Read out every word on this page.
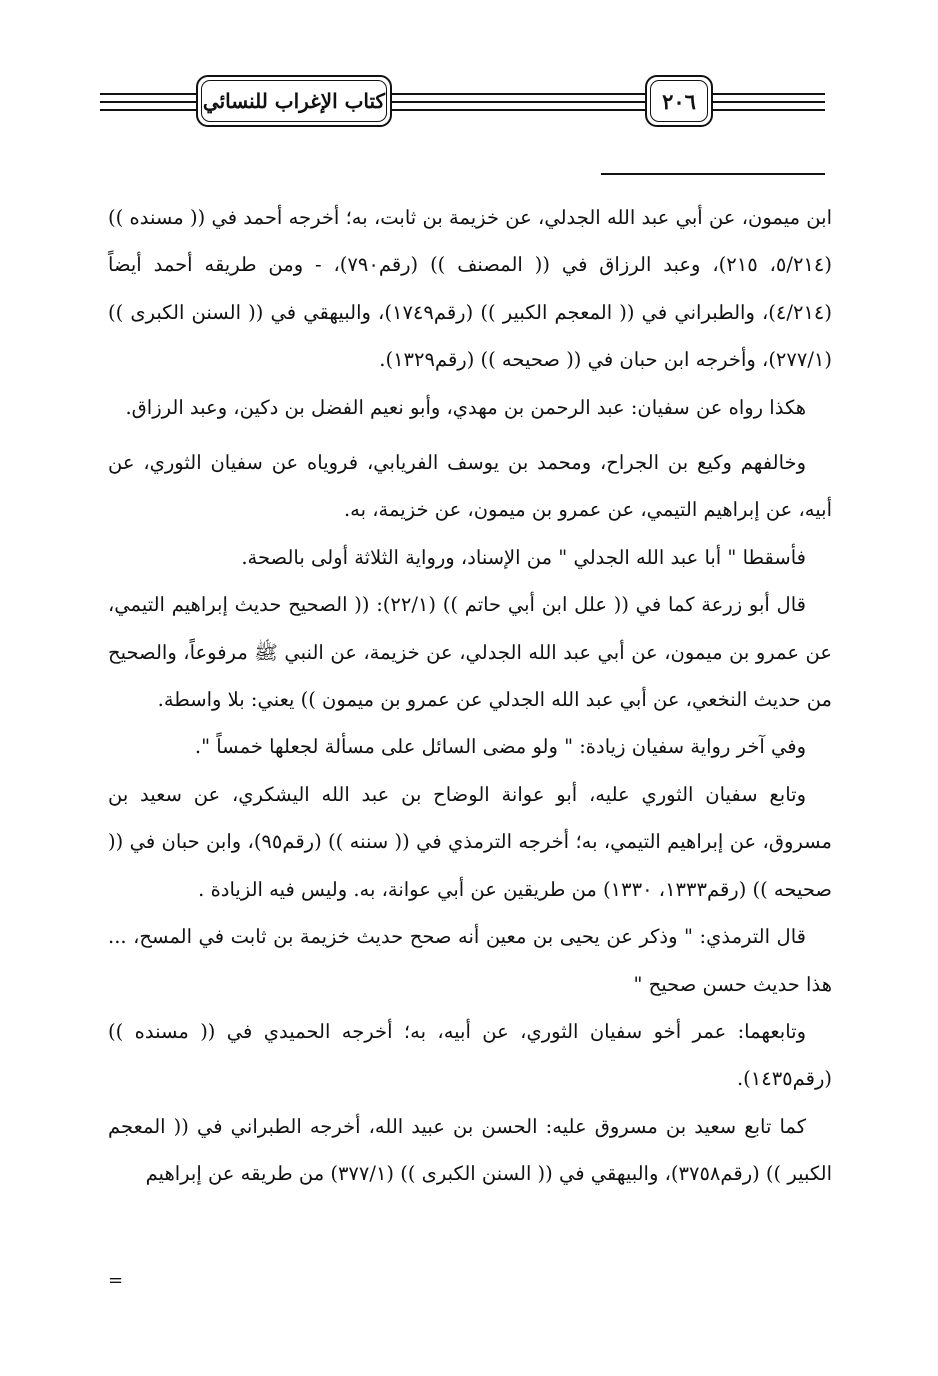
كتاب الإغراب للنسائي	٢٠٦

ابن ميمون، عن أبي عبد الله الجدلي، عن خزيمة بن ثابت، به؛ أخرجه أحمد في (( مسنده )) (٥/٢١٤، ٢١٥)، وعبد الرزاق في (( المصنف )) (رقم٧٩٠)، - ومن طريقه أحمد أيضاً (٤/٢١٤)، والطبراني في (( المعجم الكبير )) (رقم١٧٤٩)، والبيهقي في (( السنن الكبرى )) (٢٧٧/١)، وأخرجه ابن حبان في (( صحيحه )) (رقم١٣٢٩).

هكذا رواه عن سفيان: عبد الرحمن بن مهدي، وأبو نعيم الفضل بن دكين، وعبد الرزاق.

وخالفهم وكيع بن الجراح، ومحمد بن يوسف الفريابي، فروياه عن سفيان الثوري، عن أبيه، عن إبراهيم التيمي، عن عمرو بن ميمون، عن خزيمة، به.

فأسقطا " أبا عبد الله الجدلي " من الإسناد، ورواية الثلاثة أولى بالصحة.

قال أبو زرعة كما في (( علل ابن أبي حاتم )) (٢٢/١): (( الصحيح حديث إبراهيم التيمي، عن عمرو بن ميمون، عن أبي عبد الله الجدلي، عن خزيمة، عن النبي ﷺ مرفوعاً، والصحيح من حديث النخعي، عن أبي عبد الله الجدلي عن عمرو بن ميمون )) يعني: بلا واسطة.

وفي آخر رواية سفيان زيادة: " ولو مضى السائل على مسألة لجعلها خمساً ".

وتابع سفيان الثوري عليه، أبو عوانة الوضاح بن عبد الله اليشكري، عن سعيد بن مسروق، عن إبراهيم التيمي، به؛ أخرجه الترمذي في (( سننه )) (رقم٩٥)، وابن حبان في (( صحيحه )) (رقم١٣٣٣، ١٣٣٠) من طريقين عن أبي عوانة، به. وليس فيه الزيادة .

قال الترمذي: " وذكر عن يحيى بن معين أنه صحح حديث خزيمة بن ثابت في المسح، ... هذا حديث حسن صحيح "

وتابعهما: عمر أخو سفيان الثوري، عن أبيه، به؛ أخرجه الحميدي في (( مسنده )) (رقم١٤٣٥).

كما تابع سعيد بن مسروق عليه: الحسن بن عبيد الله، أخرجه الطبراني في (( المعجم الكبير )) (رقم٣٧٥٨)، والبيهقي في (( السنن الكبرى )) (٣٧٧/١) من طريقه عن إبراهيم

=
